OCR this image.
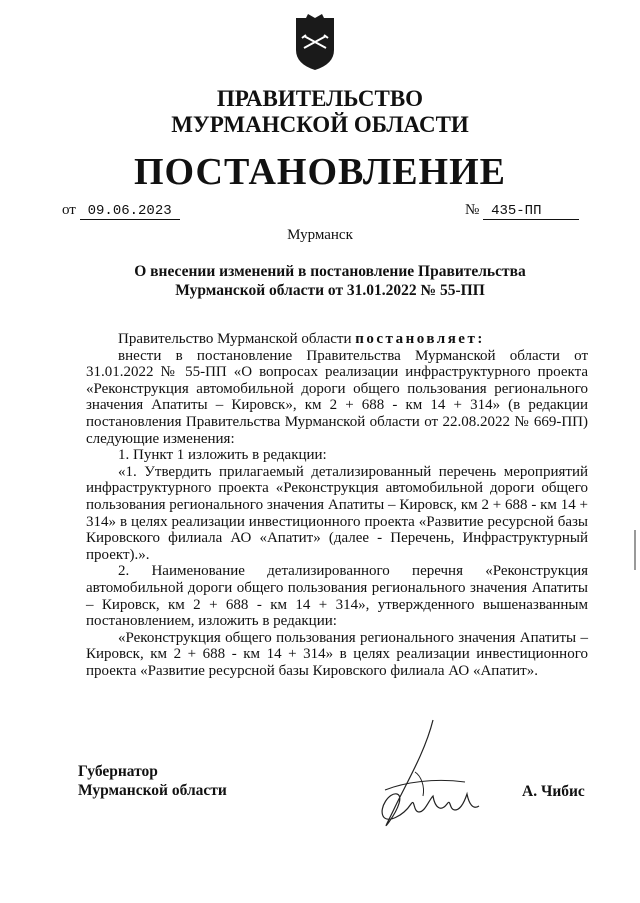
ПРАВИТЕЛЬСТВО
МУРМАНСКОЙ ОБЛАСТИ
ПОСТАНОВЛЕНИЕ
от 09.06.2023	№ 435-ПП
Мурманск
О внесении изменений в постановление Правительства
Мурманской области от 31.01.2022 № 55-ПП

Правительство Мурманской области постановляет:

внести в постановление Правительства Мурманской области от 31.01.2022 № 55-ПП «О вопросах реализации инфраструктурного проекта «Реконструкция автомобильной дороги общего пользования регионального значения Апатиты – Кировск», км 2 + 688 - км 14 + 314» (в редакции постановления Правительства Мурманской области от 22.08.2022 № 669-ПП) следующие изменения:

1. Пункт 1 изложить в редакции:

«1. Утвердить прилагаемый детализированный перечень мероприятий инфраструктурного проекта «Реконструкция автомобильной дороги общего пользования регионального значения Апатиты – Кировск, км 2 + 688 - км 14 + 314» в целях реализации инвестиционного проекта «Развитие ресурсной базы Кировского филиала АО «Апатит» (далее - Перечень, Инфраструктурный проект).».

2. Наименование детализированного перечня «Реконструкция автомобильной дороги общего пользования регионального значения Апатиты – Кировск, км 2 + 688 - км 14 + 314», утвержденного вышеназванным постановлением, изложить в редакции:

«Реконструкция общего пользования регионального значения Апатиты – Кировск, км 2 + 688 - км 14 + 314» в целях реализации инвестиционного проекта «Развитие ресурсной базы Кировского филиала АО «Апатит».

Губернатор
Мурманской области	А. Чибис
